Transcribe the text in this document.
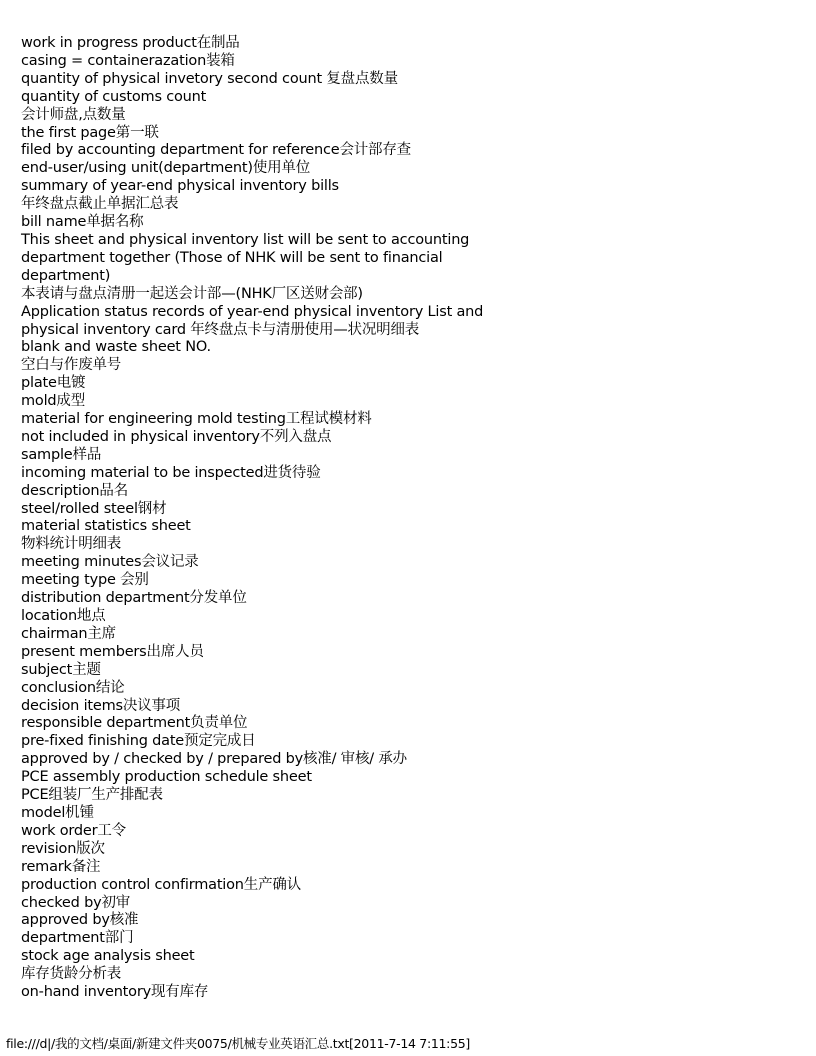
work in progress product在制品
casing = containerazation装箱
quantity of physical invetory second count 复盘点数量
quantity of customs count
会计师盘,点数量
the first page第一联
filed by accounting department for reference会计部存查
end-user/using unit(department)使用单位
summary of year-end physical inventory bills
年终盘点截止单据汇总表
bill name单据名称
This sheet and physical inventory list will be sent to accounting department together (Those of NHK will be sent to financial department)
本表请与盘点清册一起送会计部—(NHK厂区送财会部)
Application status records of year-end physical inventory List and physical inventory card 年终盘点卡与清册使用—状况明细表
blank and waste sheet NO.
空白与作废单号
plate电镀
mold成型
material for engineering mold testing工程试模材料
not included in physical inventory不列入盘点
sample样品
incoming material to be inspected进货待验
description品名
steel/rolled steel钢材
material statistics sheet
物料统计明细表
meeting minutes会议记录
meeting type 会别
distribution department分发单位
location地点
chairman主席
present members出席人员
subject主题
conclusion结论
decision items决议事项
responsible department负责单位
pre-fixed finishing date预定完成日
approved by / checked by / prepared by核准/ 审核/ 承办
PCE assembly production schedule sheet
PCE组装厂生产排配表
model机锺
work order工令
revision版次
remark备注
production control confirmation生产确认
checked by初审
approved by核准
department部门
stock age analysis sheet
库存货龄分析表
on-hand inventory现有库存
file:///d|/我的文档/桌面/新建文件夹0075/机械专业英语汇总.txt[2011-7-14 7:11:55]
